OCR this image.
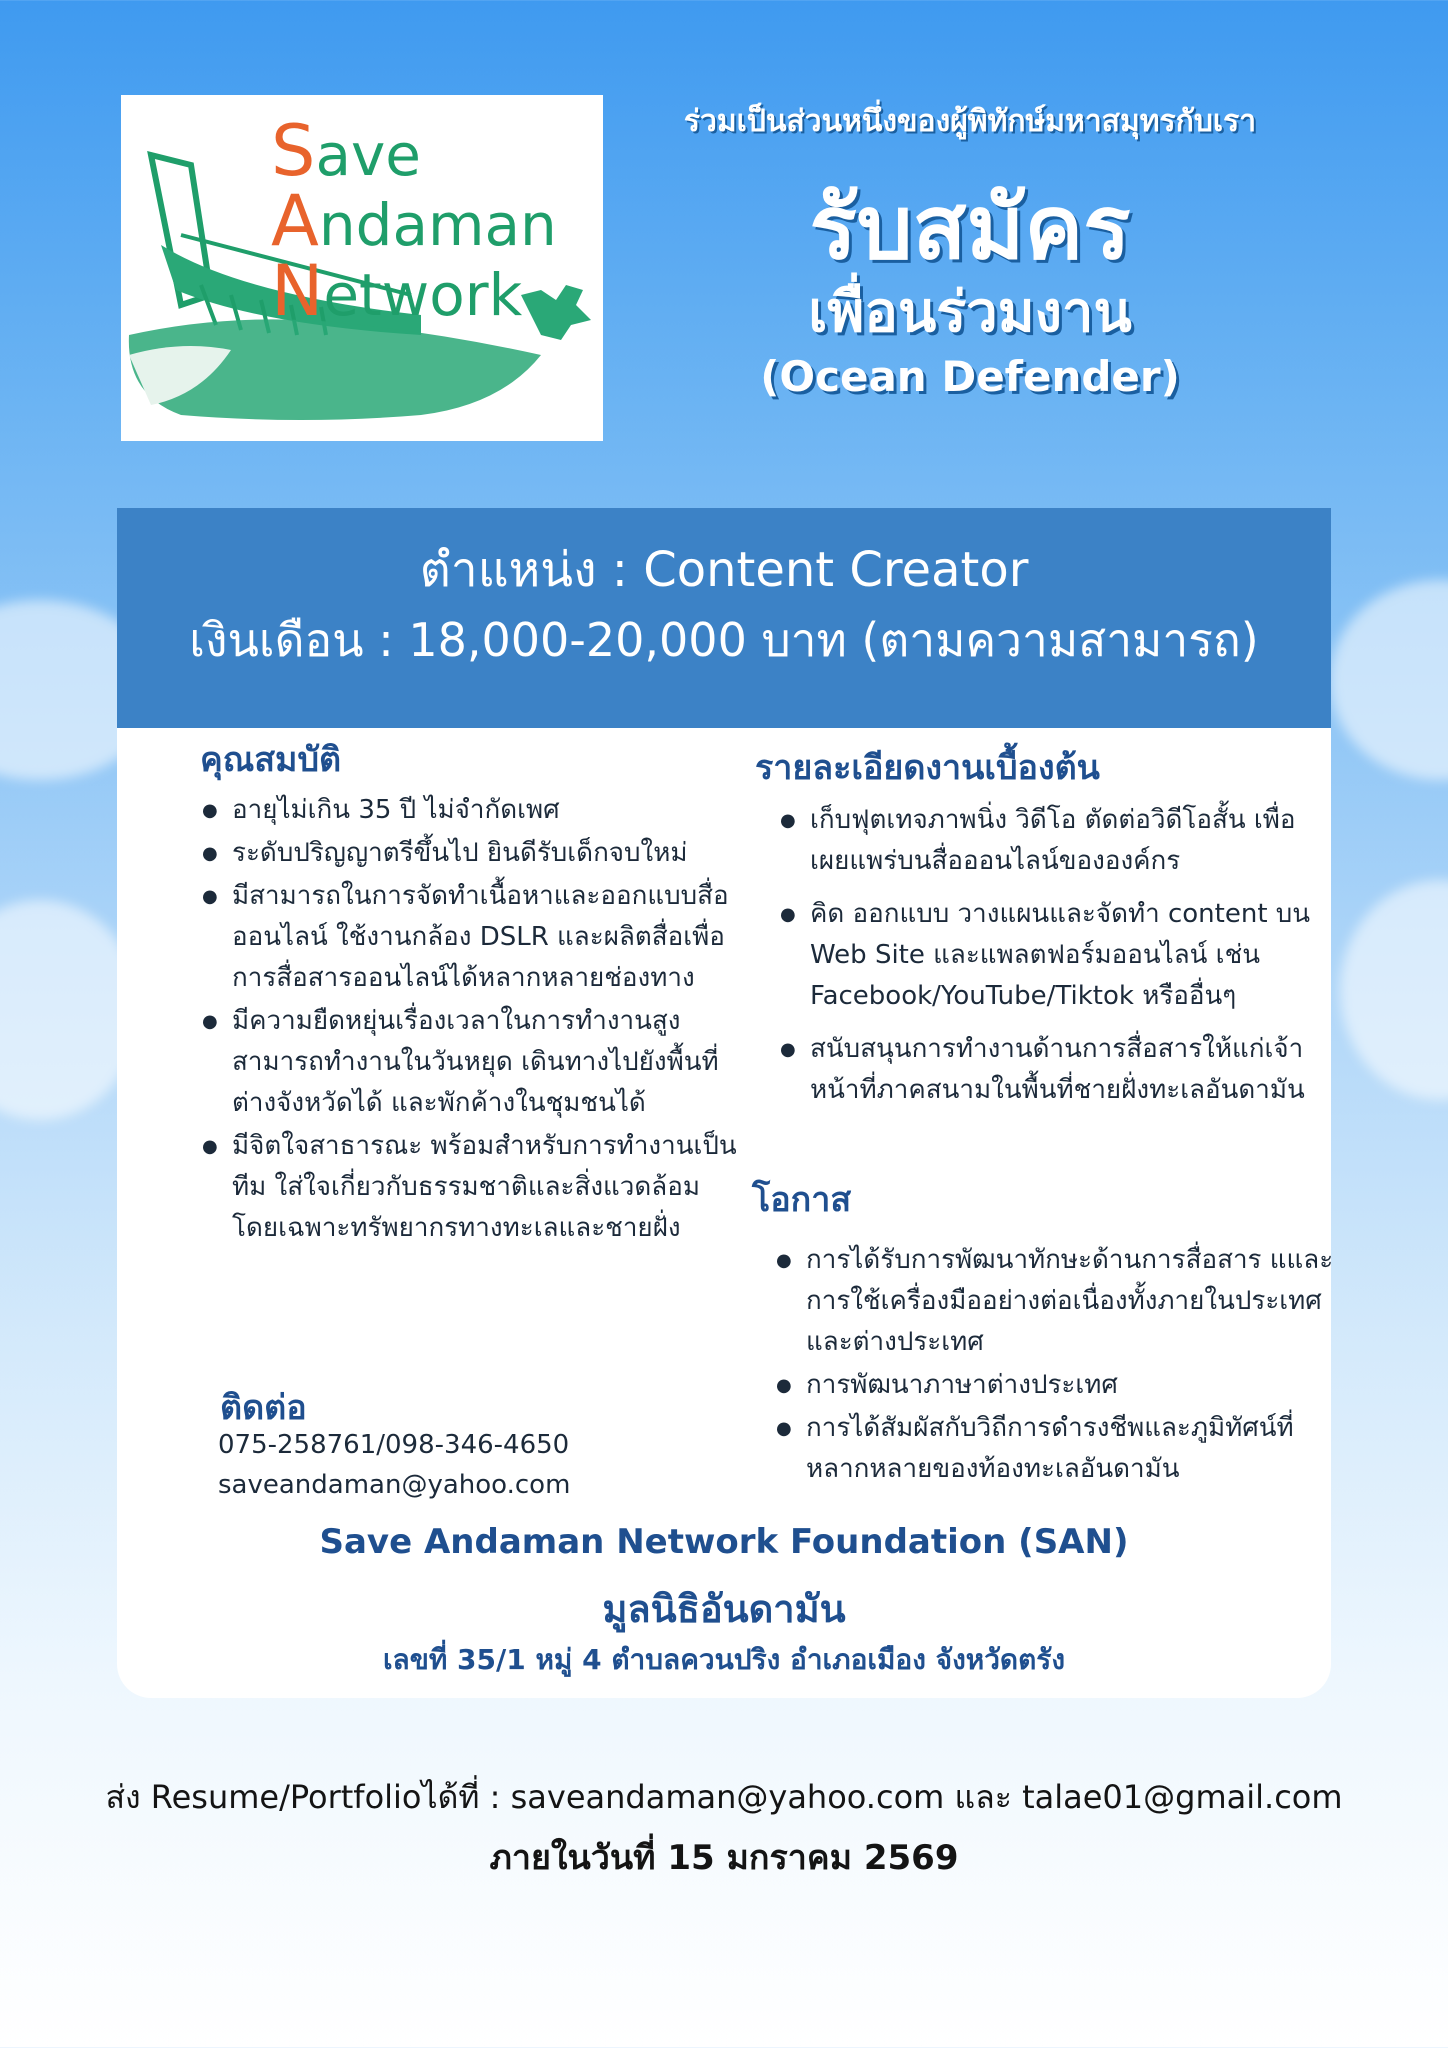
Save
Andaman
Network
ร่วมเป็นส่วนหนึ่งของผู้พิทักษ์มหาสมุทรกับเรา
รับสมัคร
เพื่อนร่วมงาน
(Ocean Defender)
ตำแหน่ง : Content Creator
เงินเดือน : 18,000-20,000 บาท (ตามความสามารถ)
คุณสมบัติ
● อายุไม่เกิน 35 ปี ไม่จำกัดเพศ
● ระดับปริญญาตรีขึ้นไป ยินดีรับเด็กจบใหม่
● มีสามารถในการจัดทำเนื้อหาและออกแบบสื่อออนไลน์ ใช้งานกล้อง DSLR และผลิตสื่อเพื่อการสื่อสารออนไลน์ได้หลากหลายช่องทาง
● มีความยืดหยุ่นเรื่องเวลาในการทำงานสูง สามารถทำงานในวันหยุด เดินทางไปยังพื้นที่ต่างจังหวัดได้ และพักค้างในชุมชนได้
● มีจิตใจสาธารณะ พร้อมสำหรับการทำงานเป็นทีม ใส่ใจเกี่ยวกับธรรมชาติและสิ่งแวดล้อม โดยเฉพาะทรัพยากรทางทะเลและชายฝั่ง
ติดต่อ
075-258761/098-346-4650
saveandaman@yahoo.com
รายละเอียดงานเบื้องต้น
● เก็บฟุตเทจภาพนิ่ง วิดีโอ ตัดต่อวิดีโอสั้น เพื่อเผยแพร่บนสื่อออนไลน์ขององค์กร
● คิด ออกแบบ วางแผนและจัดทำ content บน Web Site และแพลตฟอร์มออนไลน์ เช่น Facebook/YouTube/Tiktok หรืออื่นๆ
● สนับสนุนการทำงานด้านการสื่อสารให้แก่เจ้าหน้าที่ภาคสนามในพื้นที่ชายฝั่งทะเลอันดามัน
โอกาส
● การได้รับการพัฒนาทักษะด้านการสื่อสาร แและการใช้เครื่องมืออย่างต่อเนื่องทั้งภายในประเทศและต่างประเทศ
● การพัฒนาภาษาต่างประเทศ
● การได้สัมผัสกับวิถีการดำรงชีพและภูมิทัศน์ที่หลากหลายของท้องทะเลอันดามัน
Save Andaman Network Foundation (SAN)
มูลนิธิอันดามัน
เลขที่ 35/1 หมู่ 4 ตำบลควนปริง อำเภอเมือง จังหวัดตรัง
ส่ง Resume/Portfolioได้ที่ : saveandaman@yahoo.com และ talae01@gmail.com
ภายในวันที่ 15 มกราคม 2569
